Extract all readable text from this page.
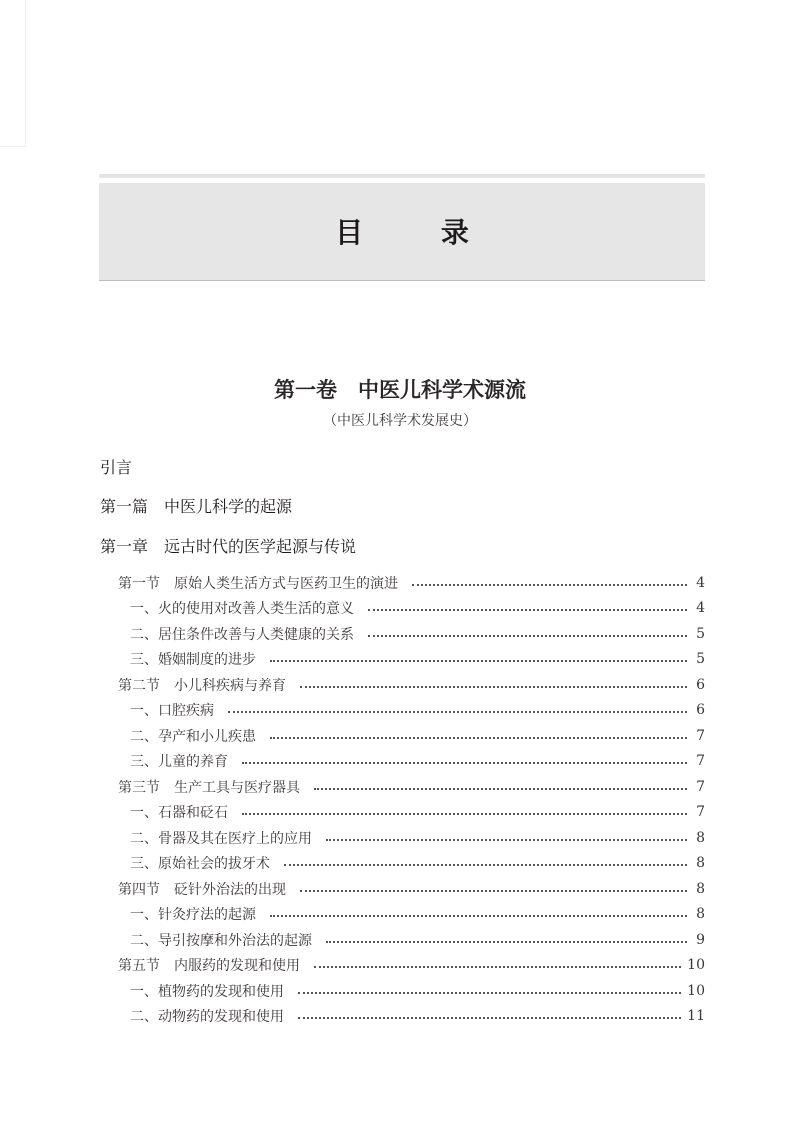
目 录
第一卷　中医儿科学术源流
（中医儿科学术发展史）
引言
第一篇　中医儿科学的起源
第一章　远古时代的医学起源与传说
第一节　原始人类生活方式与医药卫生的演进	4
一、火的使用对改善人类生活的意义	4
二、居住条件改善与人类健康的关系	5
三、婚姻制度的进步	5
第二节　小儿科疾病与养育	6
一、口腔疾病	6
二、孕产和小儿疾患	7
三、儿童的养育	7
第三节　生产工具与医疗器具	7
一、石器和砭石	7
二、骨器及其在医疗上的应用	8
三、原始社会的拔牙术	8
第四节　砭针外治法的出现	8
一、针灸疗法的起源	8
二、导引按摩和外治法的起源	9
第五节　内服药的发现和使用	10
一、植物药的发现和使用	10
二、动物药的发现和使用	11
